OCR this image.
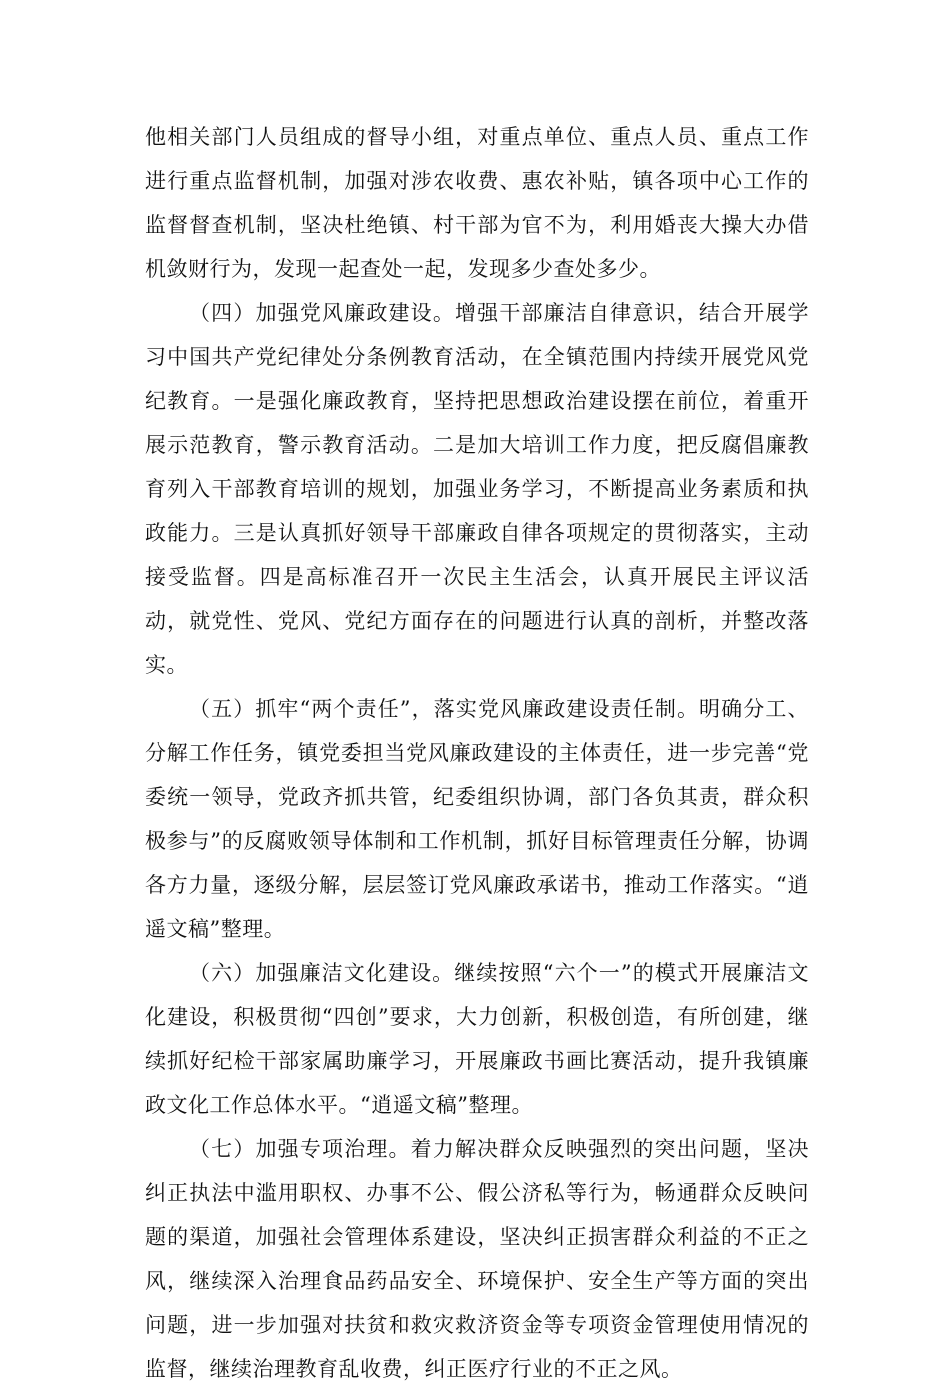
他相关部门人员组成的督导小组，对重点单位、重点人员、重点工作进行重点监督机制，加强对涉农收费、惠农补贴，镇各项中心工作的监督督查机制，坚决杜绝镇、村干部为官不为，利用婚丧大操大办借机敛财行为，发现一起查处一起，发现多少查处多少。

（四）加强党风廉政建设。增强干部廉洁自律意识，结合开展学习中国共产党纪律处分条例教育活动，在全镇范围内持续开展党风党纪教育。一是强化廉政教育，坚持把思想政治建设摆在前位，着重开展示范教育，警示教育活动。二是加大培训工作力度，把反腐倡廉教育列入干部教育培训的规划，加强业务学习，不断提高业务素质和执政能力。三是认真抓好领导干部廉政自律各项规定的贯彻落实，主动接受监督。四是高标准召开一次民主生活会，认真开展民主评议活动，就党性、党风、党纪方面存在的问题进行认真的剖析，并整改落实。

（五）抓牢“两个责任”，落实党风廉政建设责任制。明确分工、分解工作任务，镇党委担当党风廉政建设的主体责任，进一步完善“党委统一领导，党政齐抓共管，纪委组织协调，部门各负其责，群众积极参与”的反腐败领导体制和工作机制，抓好目标管理责任分解，协调各方力量，逐级分解，层层签订党风廉政承诺书，推动工作落实。“逍遥文稿”整理。

（六）加强廉洁文化建设。继续按照“六个一”的模式开展廉洁文化建设，积极贯彻“四创”要求，大力创新，积极创造，有所创建，继续抓好纪检干部家属助廉学习，开展廉政书画比赛活动，提升我镇廉政文化工作总体水平。“逍遥文稿”整理。

（七）加强专项治理。着力解决群众反映强烈的突出问题，坚决纠正执法中滥用职权、办事不公、假公济私等行为，畅通群众反映问题的渠道，加强社会管理体系建设，坚决纠正损害群众利益的不正之风，继续深入治理食品药品安全、环境保护、安全生产等方面的突出问题，进一步加强对扶贫和救灾救济资金等专项资金管理使用情况的监督，继续治理教育乱收费，纠正医疗行业的不正之风。
